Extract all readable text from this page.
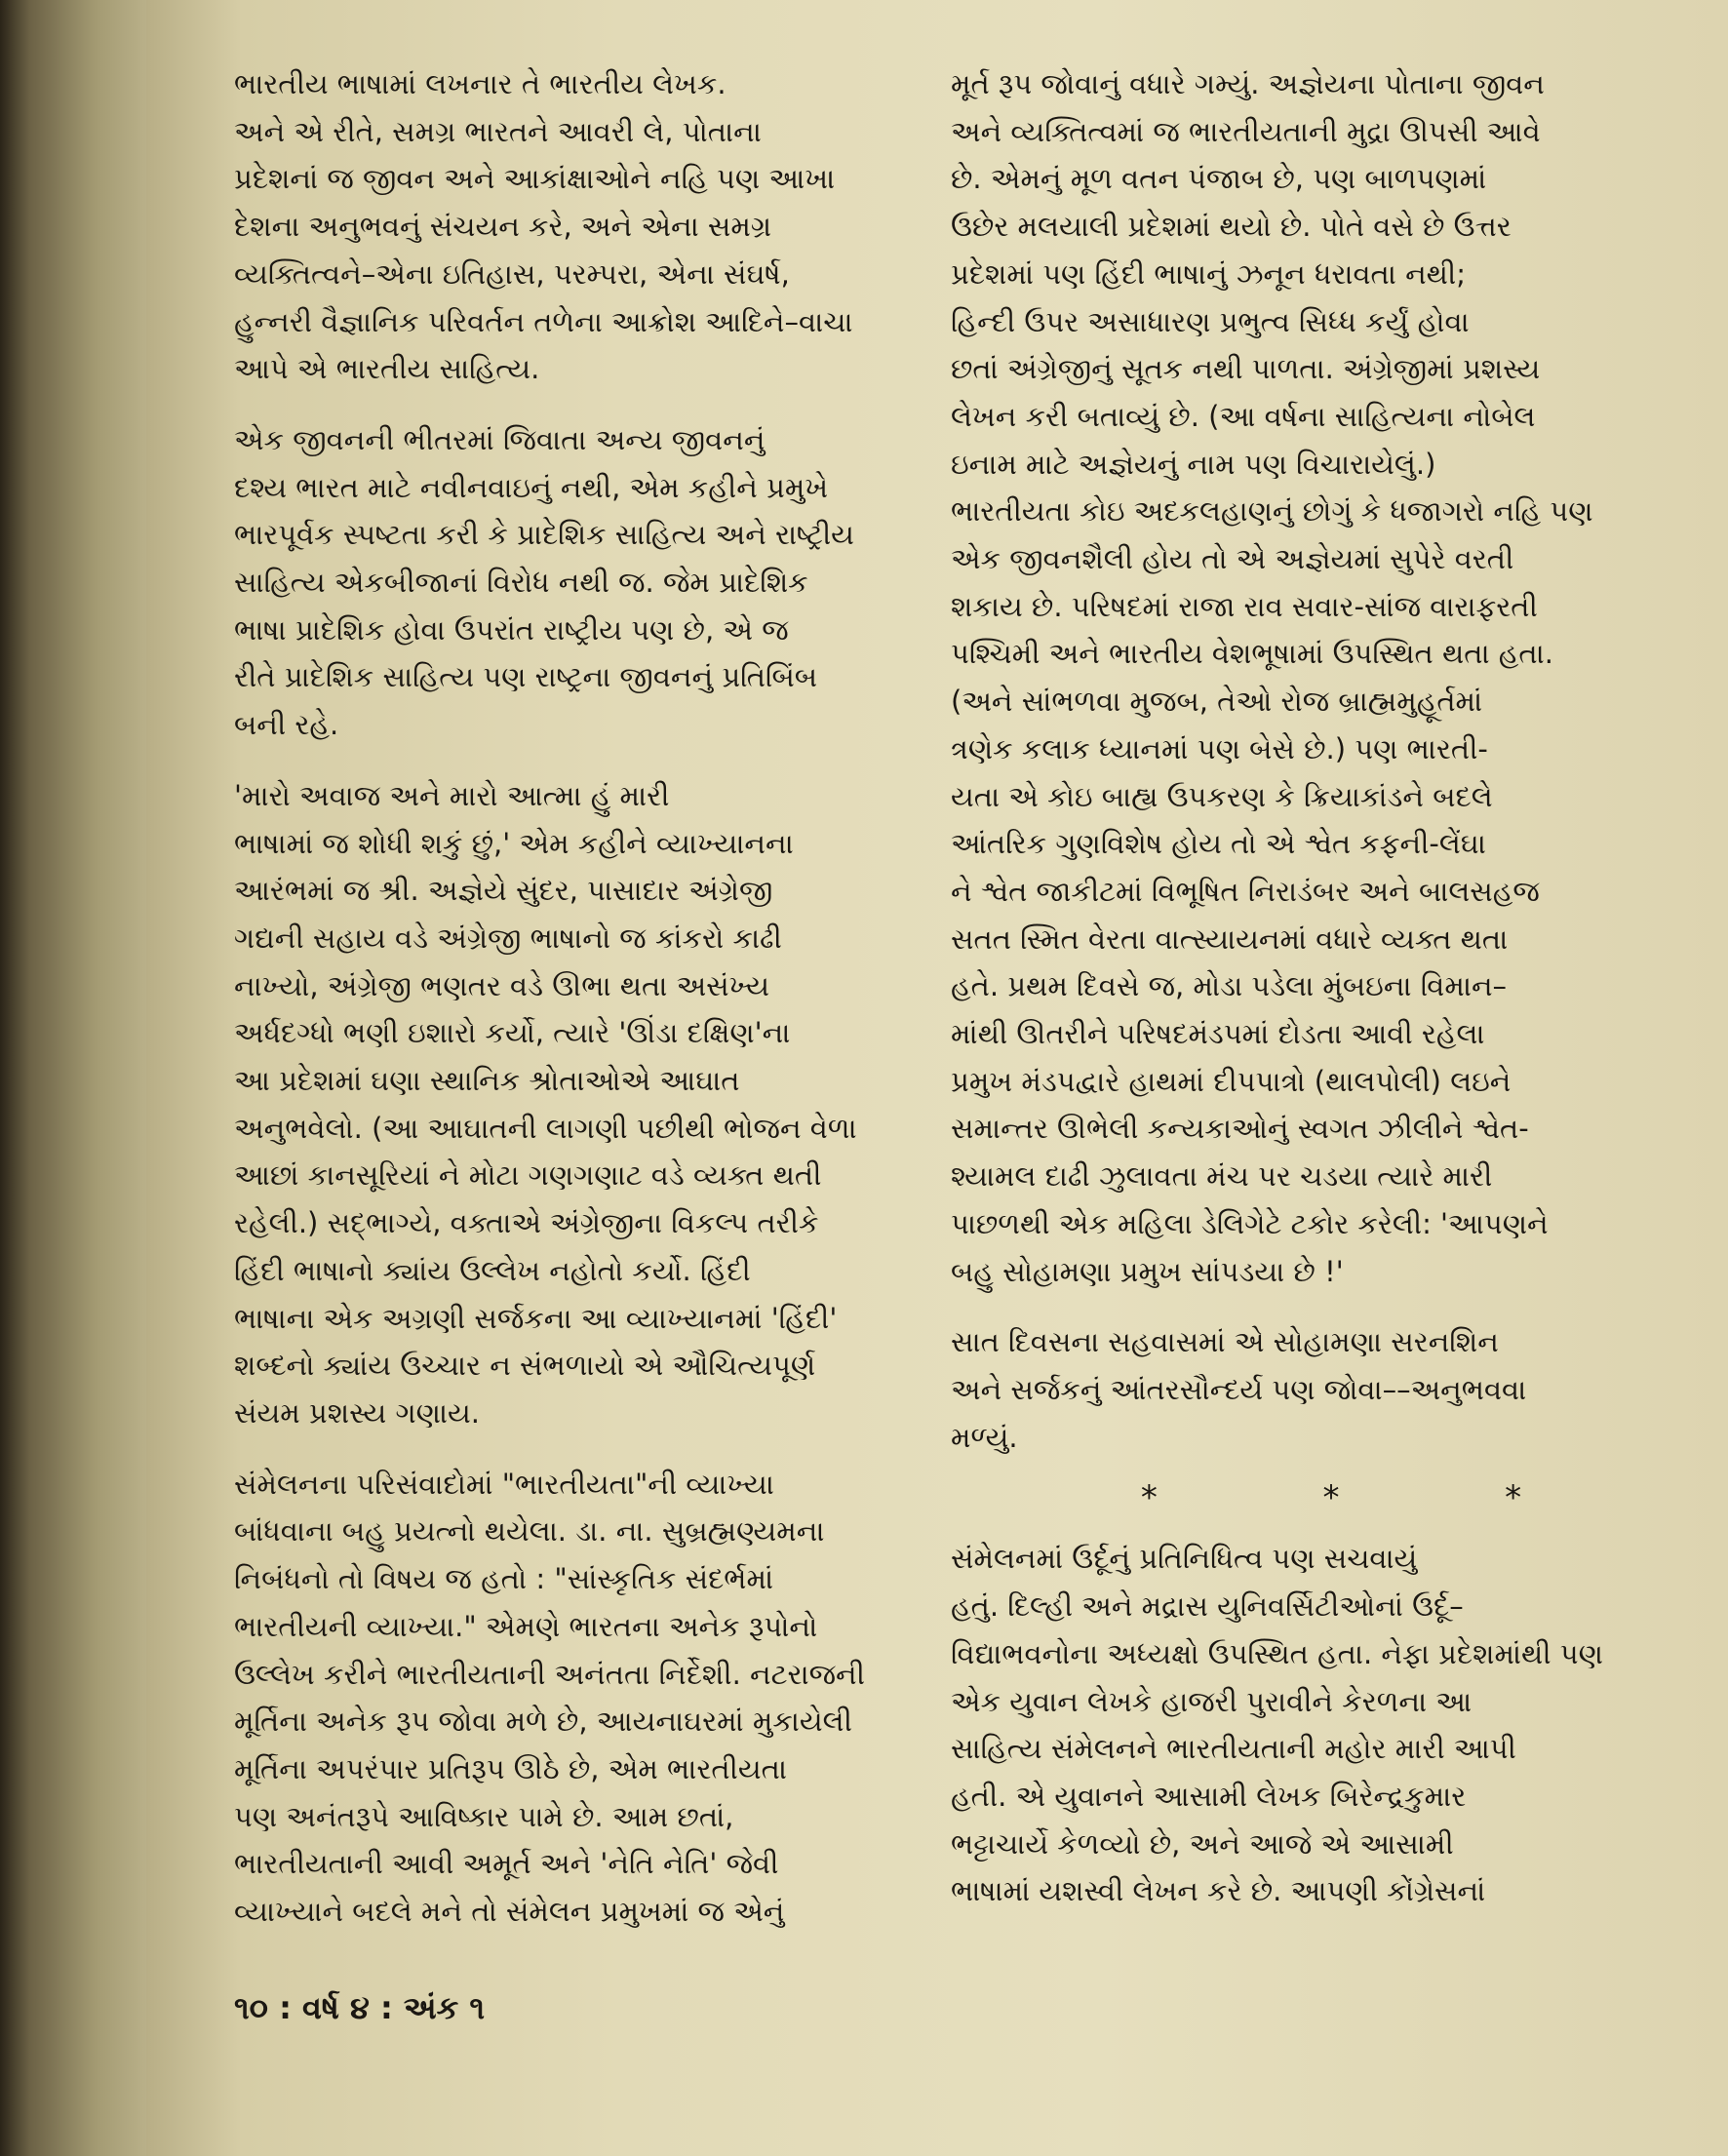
ભારતીય ભાષામાં લખનાર તે ભારતીય લેખક.
અને એ રીતે, સમગ્ર ભારતને આવરી લે, પોતાના
પ્રદેશનાં જ જીવન અને આકાંક્ષાઓને નહિ પણ આખા
દેશના અનુભવનું સંચયન કરે, અને એના સમગ્ર
વ્યક્તિત્વને–એના ઇતિહાસ, પરમ્પરા, એના સંઘર્ષ,
હુન્નરી વૈજ્ઞાનિક પરિવર્તન તળેના આક્રોશ આદિને–વાચા
આપે એ ભારતીય સાહિત્ય.

એક જીવનની ભીતરમાં જિવાતા અન્ય જીવનનું
દશ્ય ભારત માટે નવીનવાઇનું નથી, એમ કહીને પ્રમુખે
ભારપૂર્વક સ્પષ્ટતા કરી કે પ્રાદેશિક સાહિત્ય અને રાષ્ટ્રીય
સાહિત્ય એકબીજાનાં વિરોધ નથી જ. જેમ પ્રાદેશિક
ભાષા પ્રાદેશિક હોવા ઉપરાંત રાષ્ટ્રીય પણ છે, એ જ
રીતે પ્રાદેશિક સાહિત્ય પણ રાષ્ટ્રના જીવનનું પ્રતિબિંબ
બની રહે.

'મારો અવાજ અને મારો આત્મા હું મારી
ભાષામાં જ શોધી શકું છું,' એમ કહીને વ્યાખ્યાનના
આરંભમાં જ શ્રી. અજ્ઞેયે સુંદર, પાસાદાર અંગ્રેજી
ગદ્યની સહાય વડે અંગ્રેજી ભાષાનો જ કાંકરો કાઢી
નાખ્યો, અંગ્રેજી ભણતર વડે ઊભા થતા અસંખ્ય
અર્ધદગ્ધો ભણી ઇશારો કર્યો, ત્યારે 'ઊંડા દક્ષિણ'ના
આ પ્રદેશમાં ઘણા સ્થાનિક શ્રોતાઓએ આઘાત
અનુભવેલો. (આ આઘાતની લાગણી પછીથી ભોજન વેળા
આછાં કાનસૂરિયાં ને મોટા ગણગણાટ વડે વ્યક્ત થતી
રહેલી.) સદ્ભાગ્યે, વક્તાએ અંગ્રેજીના વિકલ્પ તરીકે
હિંદી ભાષાનો ક્યાંય ઉલ્લેખ નહોતો કર્યો. હિંદી
ભાષાના એક અગ્રણી સર્જકના આ વ્યાખ્યાનમાં 'હિંદી'
શબ્દનો ક્યાંય ઉચ્ચાર ન સંભળાયો એ ઔચિત્યપૂર્ણ
સંયમ પ્રશસ્ય ગણાય.

સંમેલનના પરિસંવાદોમાં "ભારતીયતા"ની વ્યાખ્યા
બાંધવાના બહુ પ્રયત્નો થયેલા. ડા. ના. સુબ્રહ્મણ્યમના
નિબંધનો તો વિષય જ હતો : "સાંસ્કૃતિક સંદર્ભમાં
ભારતીયની વ્યાખ્યા." એમણે ભારતના અનેક રૂપોનો
ઉલ્લેખ કરીને ભારતીયતાની અનંતતા નિર્દેશી. નટરાજની
મૂર્તિના અનેક રૂપ જોવા મળે છે, આયનાઘરમાં મુકાયેલી
મૂર્તિના અપરંપાર પ્રતિરૂપ ઊઠે છે, એમ ભારતીયતા
પણ અનંતરૂપે આવિષ્કાર પામે છે. આમ છતાં,
ભારતીયતાની આવી અમૂર્ત અને 'નેતિ નેતિ' જેવી
વ્યાખ્યાને બદલે મને તો સંમેલન પ્રમુખમાં જ એનું

મૂર્ત રૂપ જોવાનું વધારે ગમ્યું. અજ્ઞેયના પોતાના જીવન
અને વ્યક્તિત્વમાં જ ભારતીયતાની મુદ્રા ઊપસી આવે
છે. એમનું મૂળ વતન પંજાબ છે, પણ બાળપણમાં
ઉછેર મલયાલી પ્રદેશમાં થયો છે. પોતે વસે છે ઉત્તર
પ્રદેશમાં પણ હિંદી ભાષાનું ઝનૂન ધરાવતા નથી;
હિન્દી ઉપર અસાધારણ પ્રભુત્વ સિધ્ધ કર્યું હોવા
છતાં અંગ્રેજીનું સૂતક નથી પાળતા. અંગ્રેજીમાં પ્રશસ્ય
લેખન કરી બતાવ્યું છે. (આ વર્ષના સાહિત્યના નોબેલ
ઇનામ માટે અજ્ઞેયનું નામ પણ વિચારાયેલું.)
ભારતીયતા કોઇ અદકલહાણનું છોગું કે ધજાગરો નહિ પણ
એક જીવનશૈલી હોય તો એ અજ્ઞેયમાં સુપેરે વરતી
શકાય છે. પરિષદમાં રાજા રાવ સવાર-સાંજ વારાફરતી
પશ્ચિમી અને ભારતીય વેશભૂષામાં ઉપસ્થિત થતા હતા.
(અને સાંભળવા મુજબ, તેઓ રોજ બ્રાહ્મમુહૂર્તમાં
ત્રણેક કલાક ધ્યાનમાં પણ બેસે છે.) પણ ભારતી-
યતા એ કોઇ બાહ્ય ઉપકરણ કે ક્રિયાકાંડને બદલે
આંતરિક ગુણવિશેષ હોય તો એ શ્વેત કફની-લેંઘા
ને શ્વેત જાકીટમાં વિભૂષિત નિરાડંબર અને બાલસહજ
સતત સ્મિત વેરતા વાત્સ્યાયનમાં વધારે વ્યક્ત થતા
હતે. પ્રથમ દિવસે જ, મોડા પડેલા મુંબઇના વિમાન–
માંથી ઊતરીને પરિષદમંડપમાં દોડતા આવી રહેલા
પ્રમુખ મંડપદ્વારે હાથમાં દીપપાત્રો (થાલપોલી) લઇને
સમાન્તર ઊભેલી કન્યકાઓનું સ્વગત ઝીલીને શ્વેત-
શ્યામલ દાઢી ઝુલાવતા મંચ પર ચડયા ત્યારે મારી
પાછળથી એક મહિલા ડેલિગેટે ટકોર કરેલી: 'આપણને
બહુ સોહામણા પ્રમુખ સાંપડયા છે !'

સાત દિવસના સહવાસમાં એ સોહામણા સરનશિન
અને સર્જકનું આંતરસૌન્દર્ય પણ જોવા––અનુભવવા
મળ્યું.

*	*	*

સંમેલનમાં ઉર્દૂનું પ્રતિનિધિત્વ પણ સચવાયું
હતું. દિલ્હી અને મદ્રાસ યુનિવર્સિટીઓનાં ઉર્દૂ–
વિદ્યાભવનોના અધ્યક્ષો ઉપસ્થિત હતા. નેફા પ્રદેશમાંથી પણ
એક યુવાન લેખકે હાજરી પુરાવીને કેરળના આ
સાહિત્ય સંમેલનને ભારતીયતાની મહોર મારી આપી
હતી. એ યુવાનને આસામી લેખક બિરેન્દ્રકુમાર
ભટ્ટાચાર્યે કેળવ્યો છે, અને આજે એ આસામી
ભાષામાં યશસ્વી લેખન કરે છે. આપણી કોંગ્રેસનાં

૧૦ : વર્ષ ૪ : અંક ૧
